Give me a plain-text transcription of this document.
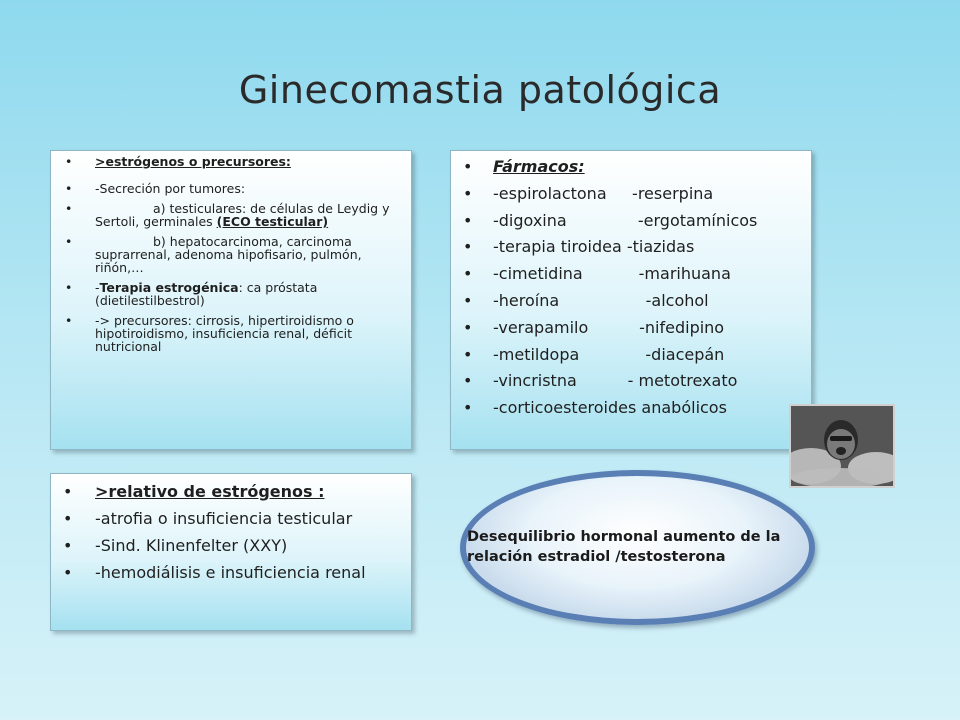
Ginecomastia patológica
• >estrógenos o precursores:
• -Secreción por tumores:
• a) testiculares: de células de Leydig y Sertoli, germinales (ECO testicular)
• b) hepatocarcinoma, carcinoma suprarrenal, adenoma hipofisario, pulmón, riñón,…
• -Terapia estrogénica: ca próstata (dietilestilbestrol)
• -> precursores: cirrosis, hipertiroidismo o hipotiroidismo, insuficiencia renal, déficit nutricional
• Fármacos:
• -espirolactona     -reserpina
• -digoxina              -ergotamínicos
• -terapia tiroidea -tiazidas
• -cimetidina           -marihuana
• -heroína                 -alcohol
• -verapamilo          -nifedipino
• -metildopa             -diacepán
• -vincristna          - metotrexato
• -corticoesteroides anabólicos
• >relativo de estrógenos :
• -atrofia o insuficiencia testicular
• -Sind. Klinenfelter (XXY)
• -hemodiálisis e insuficiencia renal
Desequilibrio hormonal aumento de la relación estradiol /testosterona
